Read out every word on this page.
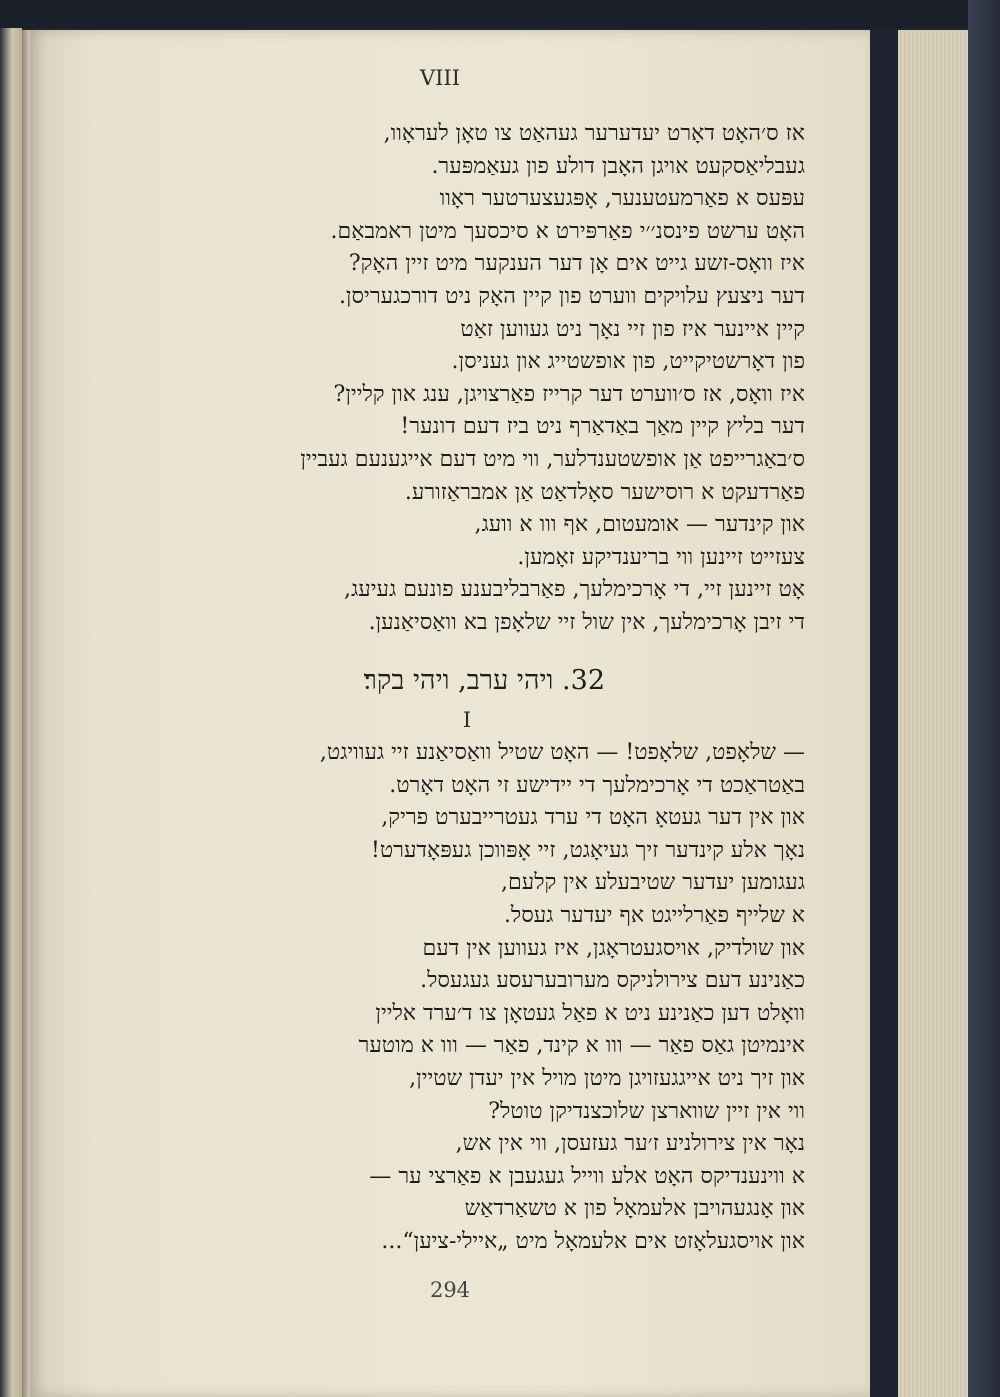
VIII
אז ס׳האָט דאָרט יעדערער געהאַט צו טאָן לעראָוו,
געבליאַסקעט אויגן האָבן דולע פון געאַמפּער.
עפּעס א פאַרמעטענער, אָפּגעצערטער ראָוו
האָט ערשט פינסנ׳׳י פאַרפּירט א סיכסעך מיטן ראמבאַם.
איז וואָס-זשע גייט אים אָן דער הענקער מיט זיין האָק?
דער ניצעץ עלויקים ווערט פון קיין האָק ניט דורכגעריסן.
קיין איינער איז פון זיי נאָך ניט געווען זאַט
פון דאָרשטיקייט, פון אופשטייג און געניסן.
איז וואָס, אז ס׳ווערט דער קרייז פאַרצויגן, ענג און קליין?
דער בליץ קיין מאַך באַדאַרף ניט ביז דעם דונער!
ס׳באַגרייפט אַן אופשטענדלער, ווי מיט דעם אייגענעם געביין
פאַרדעקט א רוסישער סאָלדאַט אַן אמבראַזורע.
און קינדער — אומעטום, אף ווו א וועג,
צעזייט זיינען ווי בריענדיקע זאָמען.
אָט זיינען זיי, די אָרכימלעך, פאַרבליבענע פונעם געיעג,
די זיבן אָרכימלעך, אין שול זיי שלאָפן בא וואַסיאַנען.
32. ויהי ערב, ויהי בקר׃
I
— שלאָפט, שלאָפט! — האָט שטיל וואַסיאַנע זיי געוויגט,
באַטראַכט די אָרכימלעך די יידישע זי האָט דאָרט.
און אין דער געטאָ האָט די ערד געטרייבערט פריק,
נאָך אלע קינדער זיך געיאָגט, זיי אָפּווכן געפּאָדערט!
געגומען יעדער שטיבעלע אין קלעם,
א שלייף פאַרלייגט אף יעדער געסל.
און שולדיק, אויסגעטראָגן, איז געווען אין דעם
כאַנינע דעם צירולניקס מערובערעסע געגעסל.
וואָלט דען כאַנינע ניט א פאַל געטאָן צו ד׳ערד אליין
אינמיטן גאַס פאַר — ווו א קינד, פאַר — ווו א מוטער
און זיך ניט אייגגעזויגן מיטן מויל אין יעדן שטיין,
ווי אין זיין שווארצן שלוכצנדיקן טוטל?
נאָר אין צירולניע ז׳ער געזעסן, ווי אין אש,
א ווינענדיקס האָט אלע ווייל געגעבן א פאַרצי ער —
און אָנגעהויבן אלעמאָל פון א טשאַרדאַש
און אויסגעלאָזט אים אלעמאָל מיט „איילי-ציען“...
294
